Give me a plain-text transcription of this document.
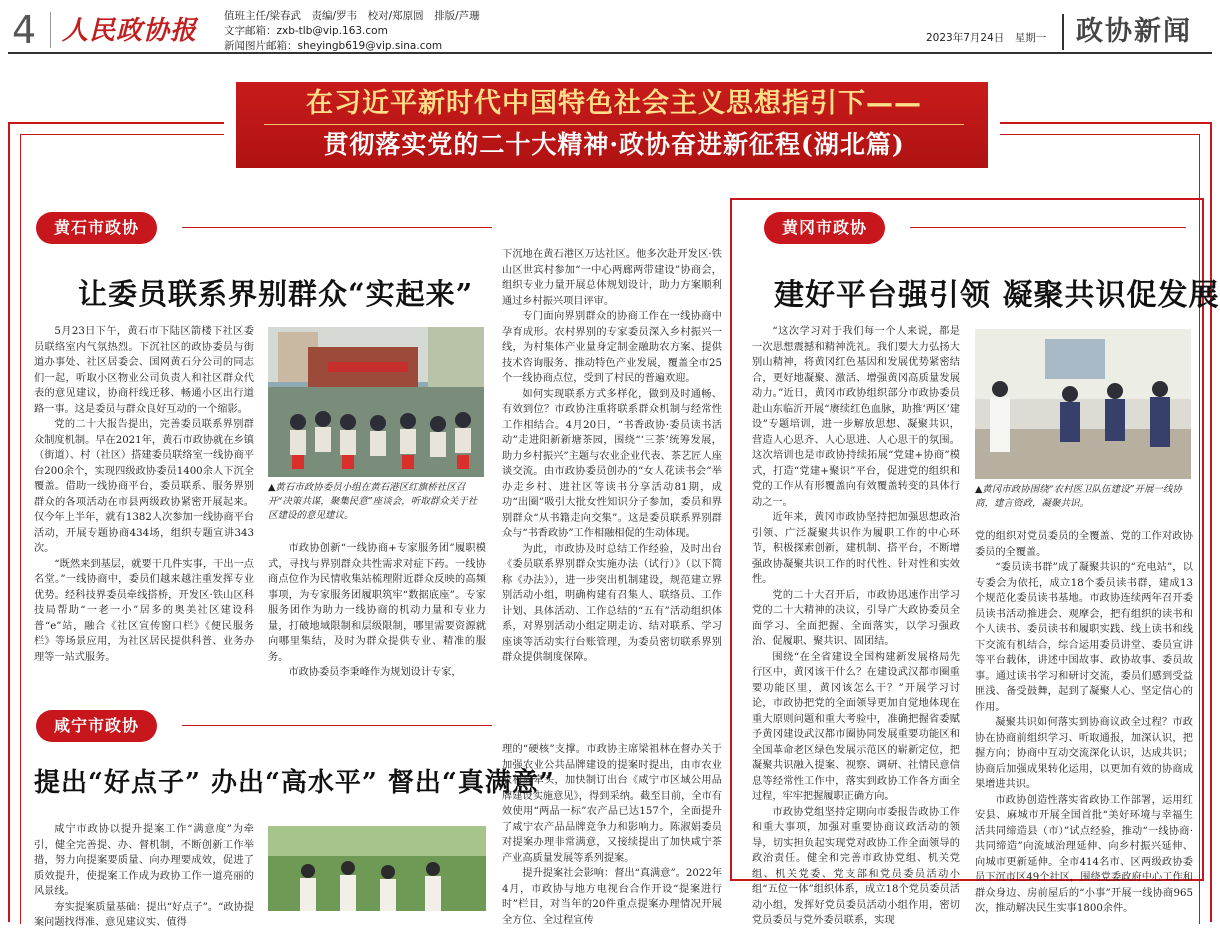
4 人民政协报	值班主任/梁春武　责编/罗韦　校对/郑原圆　排版/芦珊
文字邮箱：zxb-tlb@vip.163.com
新闻图片邮箱：sheyingb619@vip.sina.com
2023年7月24日　星期一	政协新闻
在习近平新时代中国特色社会主义思想指引下——
贯彻落实党的二十大精神·政协奋进新征程(湖北篇)
黄石市政协
让委员联系界别群众“实起来”

5月23日下午，黄石市下陆区箭楼下社区委员联络室内气氛热烈。下沉社区的政协委员与街道办事处、社区居委会、国网黄石分公司的同志们一起，听取小区物业公司负责人和社区群众代表的意见建议，协商杆线迁移、畅通小区出行道路一事。这是委员与群众良好互动的一个缩影。

党的二十大报告提出，完善委员联系界别群众制度机制。早在2021年，黄石市政协就在乡镇（街道）、村（社区）搭建委员联络室一线协商平台200余个，实现四级政协委员1400余人下沉全覆盖。借助一线协商平台，委员联系、服务界别群众的各项活动在市县两级政协紧密开展起来。仅今年上半年，就有1382人次参加一线协商平台活动，开展专题协商434场，组织专题宣讲343次。

“既然来到基层，就要干几件实事，干出一点名堂。”一线协商中，委员们越来越注重发挥专业优势。经科技界委员牵线搭桥，开发区·铁山区科技局帮助“一老一小”居多的奥美社区建设科普“e”站，融合《社区宣传窗口栏》《便民服务栏》等场景应用，为社区居民提供科普、业务办理等一站式服务。

▲黄石市政协委员小组在黄石港区红旗桥社区召开“决策共谋，聚集民意”座谈会，听取群众关于社区建设的意见建议。

市政协创新“一线协商+专家服务团”履职模式，寻找与界别群众共性需求对症下药。一线协商点位作为民情收集站梳理附近群众反映的高频事项，为专家服务团履职筑牢“数据底座”。专家服务团作为助力一线协商的机动力量和专业力量，打破地域限制和层级限制，哪里需要资源就向哪里集结，及时为群众提供专业、精准的服务。

市政协委员李秉峰作为规划设计专家，

下沉地在黄石港区万达社区。他多次赴开发区·铁山区世宾村参加“一中心两廊两带建设”协商会，组织专业力量开展总体规划设计，助力方案顺利通过乡村振兴项目评审。

专门面向界别群众的协商工作在一线协商中孕育成形。农村界别的专家委员深入乡村振兴一线，为村集体产业量身定制金融助农方案、提供技术咨询服务、推动特色产业发展，覆盖全市25个一线协商点位，受到了村民的普遍欢迎。

如何实现联系方式多样化，做到及时通畅、有效到位？市政协注重将联系群众机制与经常性工作相结合。4月20日，“书香政协·委员读书活动”走进阳新新塘茶园，围绕“‘三茶’统筹发展，助力乡村振兴”主题与农业企业代表、茶艺匠人座谈交流。由市政协委员创办的“女人花读书会”举办走乡村、进社区等读书分享活动81期，成功“出圈”吸引大批女性知识分子参加，委员和界别群众“从书籍走向交集”。这是委员联系界别群众与“书香政协”工作相融相促的生动体现。

为此，市政协及时总结工作经验，及时出台《委员联系界别群众实施办法（试行）》（以下简称《办法》），进一步突出机制建设，规范建立界别活动小组，明确构建有召集人、联络员、工作计划、具体活动、工作总结的“五有”活动组织体系，对界别活动小组定期走访、结对联系、学习座谈等活动实行台账管理，为委员密切联系界别群众提供制度保障。

咸宁市政协
提出“好点子” 办出“高水平” 督出“真满意”

咸宁市政协以提升提案工作“满意度”为牵引，健全完善提、办、督机制，不断创新工作举措，努力向提案要质量、向办理要成效，促进了质效提升，使提案工作成为政协工作一道亮丽的风景线。

夯实提案质量基础：提出“好点子”。“政协提案问题找得准、意见建议实、值得

理的“硬核”支撑。市政协主席梁祖林在督办关于加强农业公共品牌建设的提案时提出，由市农业农村局牵头，加快制订出台《咸宁市区域公用品牌建设实施意见》，得到采纳。截至目前，全市有效使用“两品一标”农产品已达157个，全面提升了咸宁农产品品牌竞争力和影响力。陈淑娟委员对提案办理非常满意，又接续提出了加快咸宁茶产业高质量发展等系列提案。

提升提案社会影响：督出“真满意”。2022年4月，市政协与地方电视台合作开设“提案进行时”栏目，对当年的20件重点提案办理情况开展全方位、全过程宣传

黄冈市政协
建好平台强引领 凝聚共识促发展

“这次学习对于我们每一个人来说，都是一次思想震撼和精神洗礼。我们要大力弘扬大别山精神，将黄冈红色基因和发展优势紧密结合，更好地凝聚、激活、增强黄冈高质量发展动力。”近日，黄冈市政协组织部分市政协委员赴山东临沂开展“赓续红色血脉，助推‘两区’建设”专题培训，进一步解放思想、凝聚共识，营造人心思齐、人心思进、人心思干的氛围。这次培训也是市政协持续拓展“党建+协商”模式，打造“党建+聚识”平台，促进党的组织和党的工作从有形覆盖向有效覆盖转变的具体行动之一。

近年来，黄冈市政协坚持把加强思想政治引领、广泛凝聚共识作为履职工作的中心环节，积极探索创新，建机制、搭平台，不断增强政协凝聚共识工作的时代性、针对性和实效性。

党的二十大召开后，市政协迅速作出学习党的二十大精神的决议，引导广大政协委员全面学习、全面把握、全面落实，以学习强政治、促履职、聚共识、固团结。

围绕“在全省建设全国构建新发展格局先行区中，黄冈该干什么？在建设武汉都市圈重要功能区里，黄冈该怎么干？”开展学习讨论，市政协把党的全面领导更加自觉地体现在重大原则问题和重大考验中，准确把握省委赋予黄冈建设武汉都市圈协同发展重要功能区和全国革命老区绿色发展示范区的崭新定位，把凝聚共识融入提案、视察、调研、社情民意信息等经常性工作中，落实到政协工作各方面全过程，牢牢把握履职正确方向。

市政协党组坚持定期向市委报告政协工作和重大事项，加强对重要协商议政活动的领导，切实担负起实现党对政协工作全面领导的政治责任。健全和完善市政协党组、机关党组、机关党委、党支部和党员委员活动小组“五位一体”组织体系，成立18个党员委员活动小组，发挥好党员委员活动小组作用，密切党员委员与党外委员联系，实现

▲黄冈市政协围绕“农村医卫队伍建设”开展一线协商，建言资政，凝聚共识。

党的组织对党员委员的全覆盖、党的工作对政协委员的全覆盖。

“委员读书群”成了凝聚共识的“充电站”，以专委会为依托，成立18个委员读书群，建成13个规范化委员读书基地。市政协连续两年召开委员读书活动推进会、观摩会，把有组织的读书和个人读书、委员读书和履职实践、线上读书和线下交流有机结合，综合运用委员讲堂、委员宣讲等平台载体，讲述中国故事、政协故事、委员故事。通过读书学习和研讨交流，委员们感到受益匪浅、备受鼓舞，起到了凝聚人心、坚定信心的作用。

凝聚共识如何落实到协商议政全过程？市政协在协商前组织学习、听取通报，加深认识，把握方向；协商中互动交流深化认识，达成共识；协商后加强成果转化运用，以更加有效的协商成果增进共识。

市政协创造性落实省政协工作部署，运用红安县、麻城市开展全国首批“美好环境与幸福生活共同缔造县（市）”试点经验，推动“一线协商·共同缔造”向流域治理延伸、向乡村振兴延伸、向城市更新延伸。全市414名市、区两级政协委员下沉市区49个社区，围绕党委政府中心工作和群众身边、房前屋后的“小事”开展一线协商965次，推动解决民生实事1800余件。
